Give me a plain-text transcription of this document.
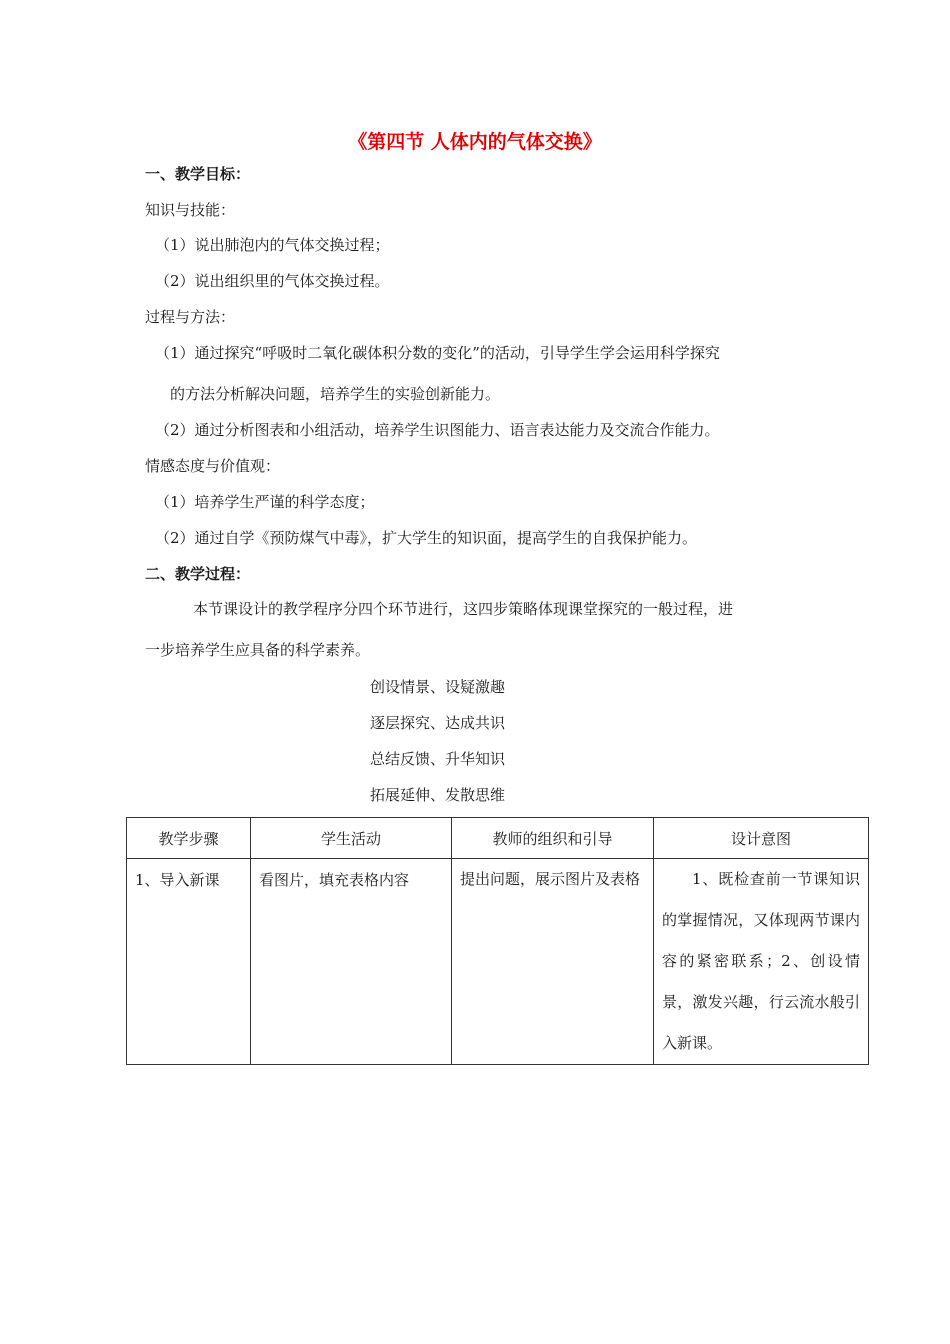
《第四节 人体内的气体交换》
一、教学目标：
知识与技能：
（1）说出肺泡内的气体交换过程；
（2）说出组织里的气体交换过程。
过程与方法：
（1）通过探究“呼吸时二氧化碳体积分数的变化”的活动，引导学生学会运用科学探究
的方法分析解决问题，培养学生的实验创新能力。
（2）通过分析图表和小组活动，培养学生识图能力、语言表达能力及交流合作能力。
情感态度与价值观：
（1）培养学生严谨的科学态度；
（2）通过自学《预防煤气中毒》，扩大学生的知识面，提高学生的自我保护能力。
二、教学过程：
本节课设计的教学程序分四个环节进行，这四步策略体现课堂探究的一般过程，进
一步培养学生应具备的科学素养。
创设情景、设疑激趣
逐层探究、达成共识
总结反馈、升华知识
拓展延伸、发散思维
教学步骤	学生活动	教师的组织和引导	设计意图

1、导入新课	看图片，填充表格内容	提出问题，展示图片及表格	1、既检查前一节课知识的掌握情况，又体现两节课内容的紧密联系；2、创设情景，激发兴趣，行云流水般引入新课。
